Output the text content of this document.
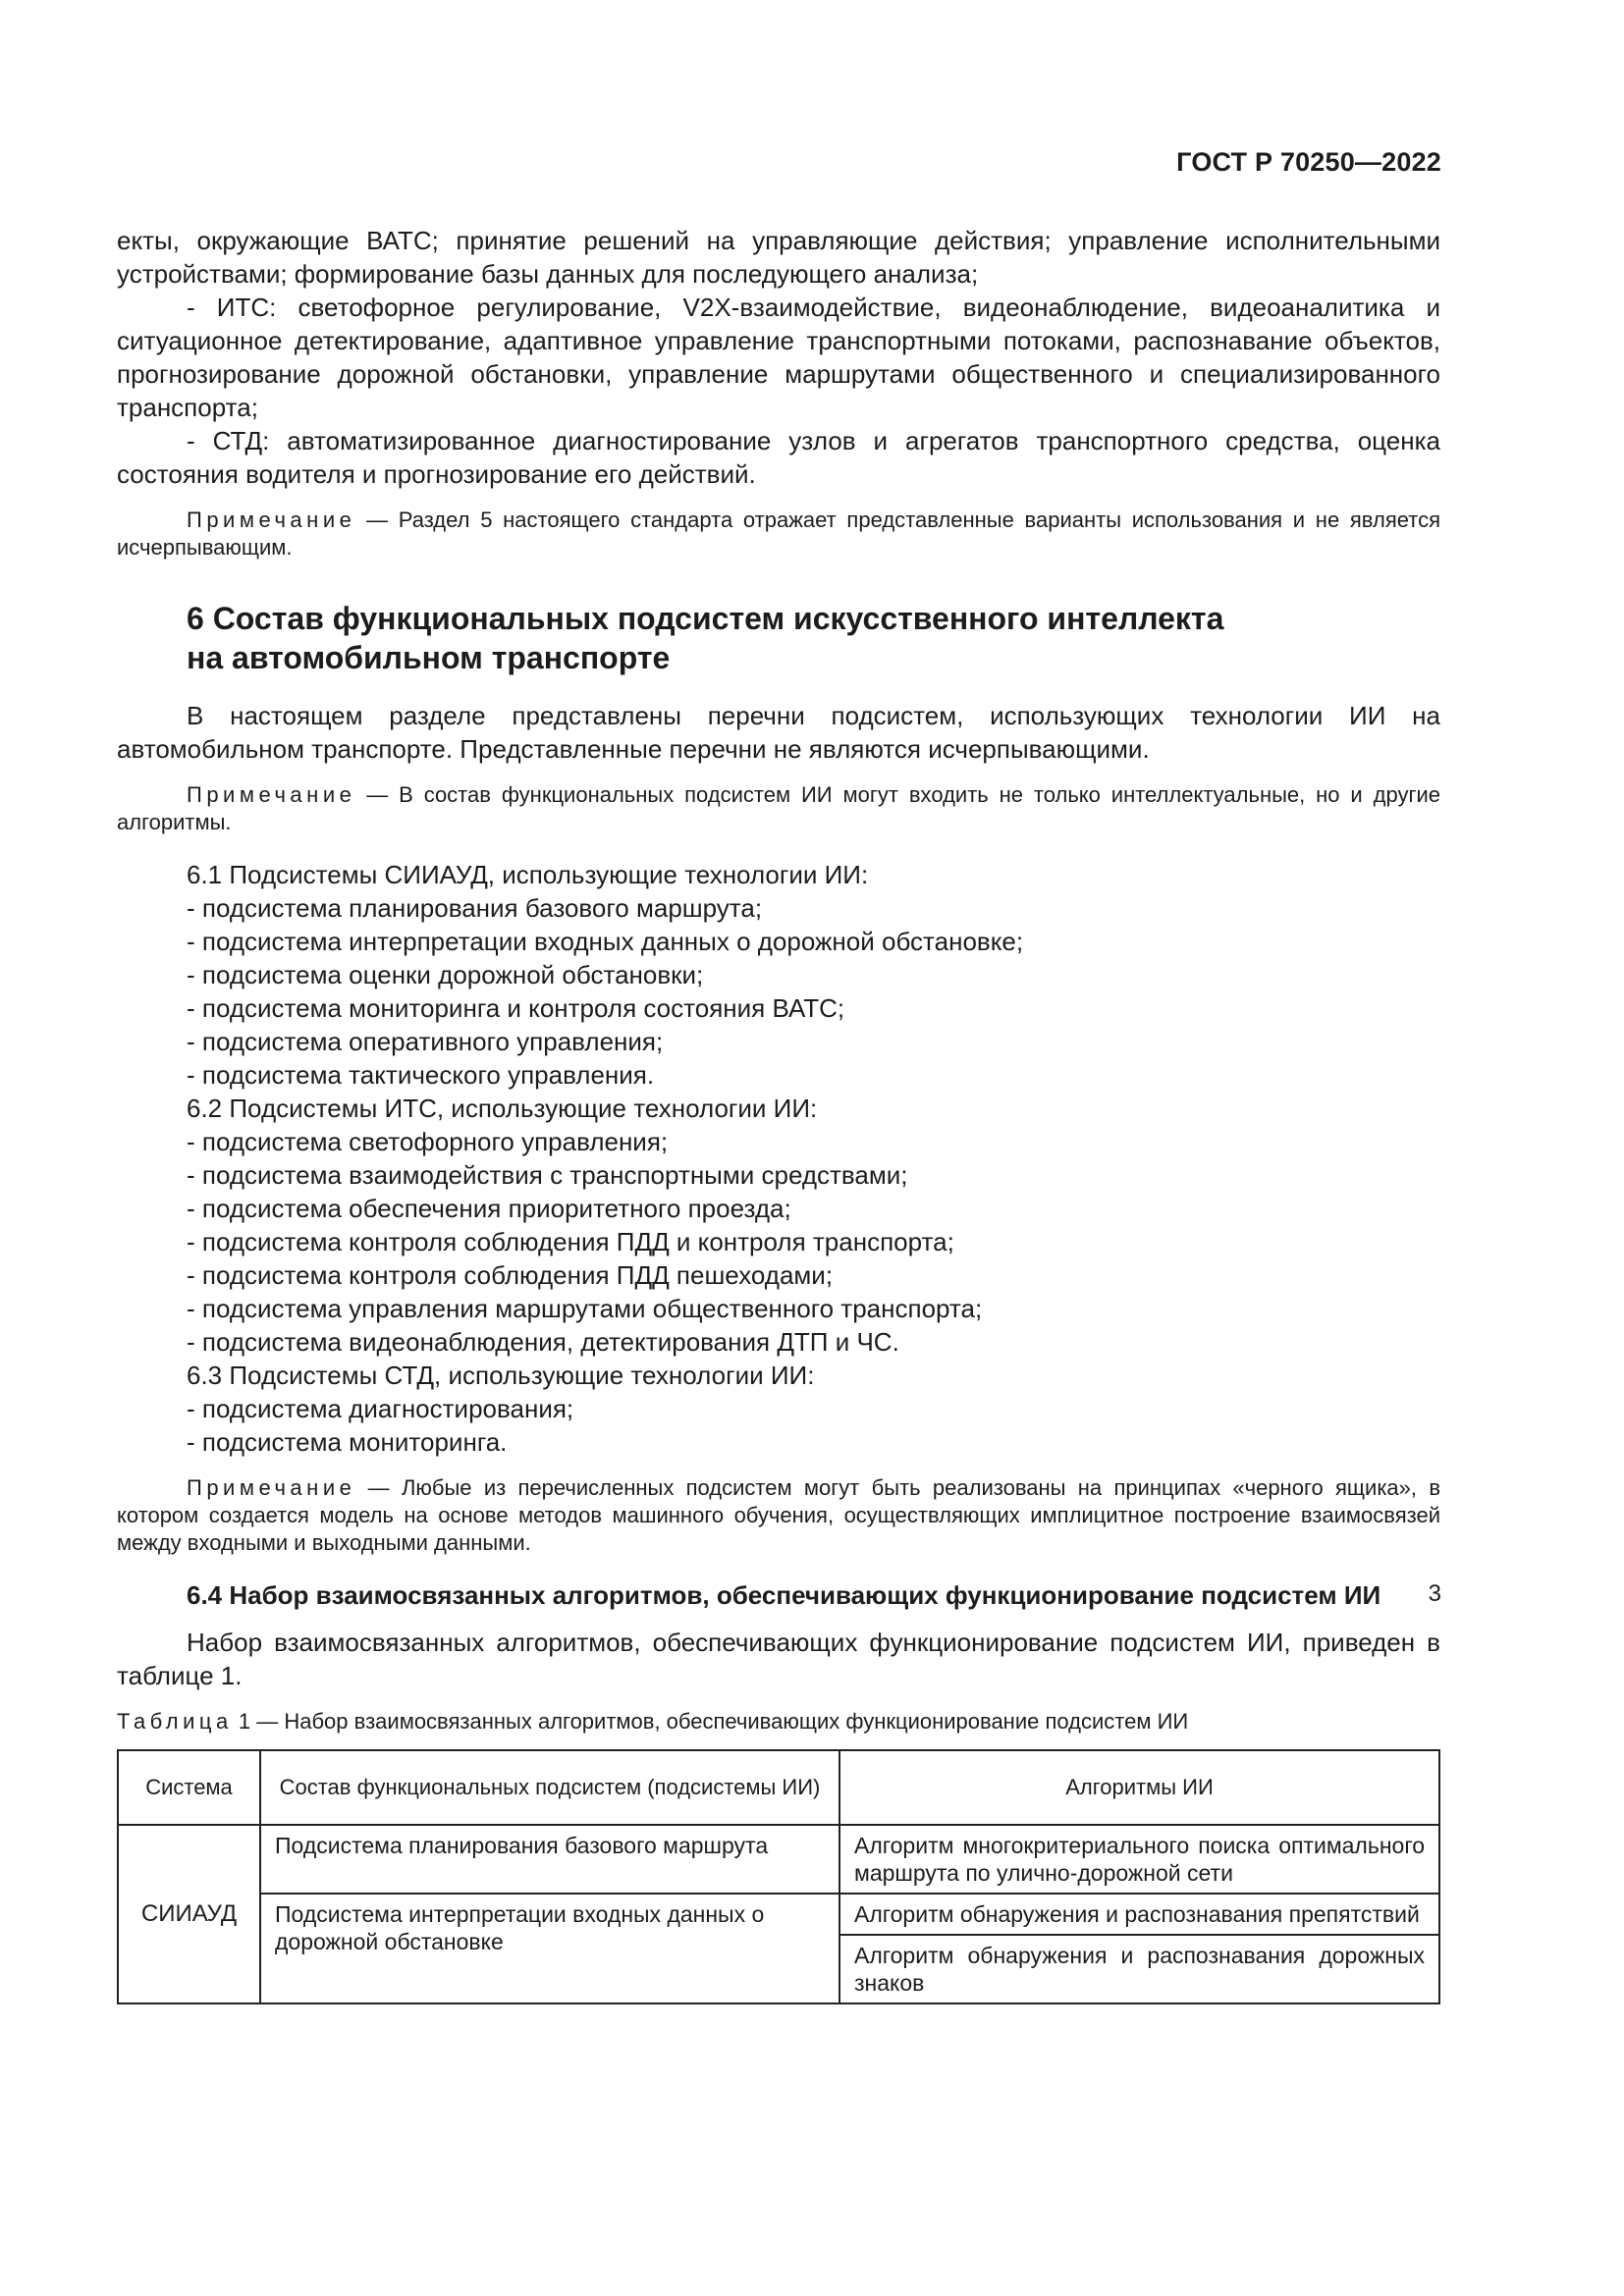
ГОСТ Р 70250—2022

екты, окружающие ВАТС; принятие решений на управляющие действия; управление исполнительными устройствами; формирование базы данных для последующего анализа;

- ИТС: светофорное регулирование, V2X-взаимодействие, видеонаблюдение, видеоаналитика и ситуационное детектирование, адаптивное управление транспортными потоками, распознавание объектов, прогнозирование дорожной обстановки, управление маршрутами общественного и специализированного транспорта;

- СТД: автоматизированное диагностирование узлов и агрегатов транспортного средства, оценка состояния водителя и прогнозирование его действий.

Примечание — Раздел 5 настоящего стандарта отражает представленные варианты использования и не является исчерпывающим.

6 Состав функциональных подсистем искусственного интеллекта

на автомобильном транспорте

В настоящем разделе представлены перечни подсистем, использующих технологии ИИ на автомобильном транспорте. Представленные перечни не являются исчерпывающими.

Примечание — В состав функциональных подсистем ИИ могут входить не только интеллектуальные, но и другие алгоритмы.

6.1 Подсистемы СИИАУД, использующие технологии ИИ:

- подсистема планирования базового маршрута;

- подсистема интерпретации входных данных о дорожной обстановке;

- подсистема оценки дорожной обстановки;

- подсистема мониторинга и контроля состояния ВАТС;

- подсистема оперативного управления;

- подсистема тактического управления.

6.2 Подсистемы ИТС, использующие технологии ИИ:

- подсистема светофорного управления;

- подсистема взаимодействия с транспортными средствами;

- подсистема обеспечения приоритетного проезда;

- подсистема контроля соблюдения ПДД и контроля транспорта;

- подсистема контроля соблюдения ПДД пешеходами;

- подсистема управления маршрутами общественного транспорта;

- подсистема видеонаблюдения, детектирования ДТП и ЧС.

6.3 Подсистемы СТД, использующие технологии ИИ:

- подсистема диагностирования;

- подсистема мониторинга.

Примечание — Любые из перечисленных подсистем могут быть реализованы на принципах «черного ящика», в котором создается модель на основе методов машинного обучения, осуществляющих имплицитное построение взаимосвязей между входными и выходными данными.

6.4 Набор взаимосвязанных алгоритмов, обеспечивающих функционирование подсистем ИИ

Набор взаимосвязанных алгоритмов, обеспечивающих функционирование подсистем ИИ, приведен в таблице 1.

Таблица 1 — Набор взаимосвязанных алгоритмов, обеспечивающих функционирование подсистем ИИ

Система	Состав функциональных подсистем (подсистемы ИИ)	Алгоритмы ИИ
СИИАУД	Подсистема планирования базового маршрута	Алгоритм многокритериального поиска оптимального маршрута по улично-дорожной сети
	Подсистема интерпретации входных данных о дорожной обстановке	Алгоритм обнаружения и распознавания препятствий
		Алгоритм обнаружения и распознавания дорожных знаков
3
